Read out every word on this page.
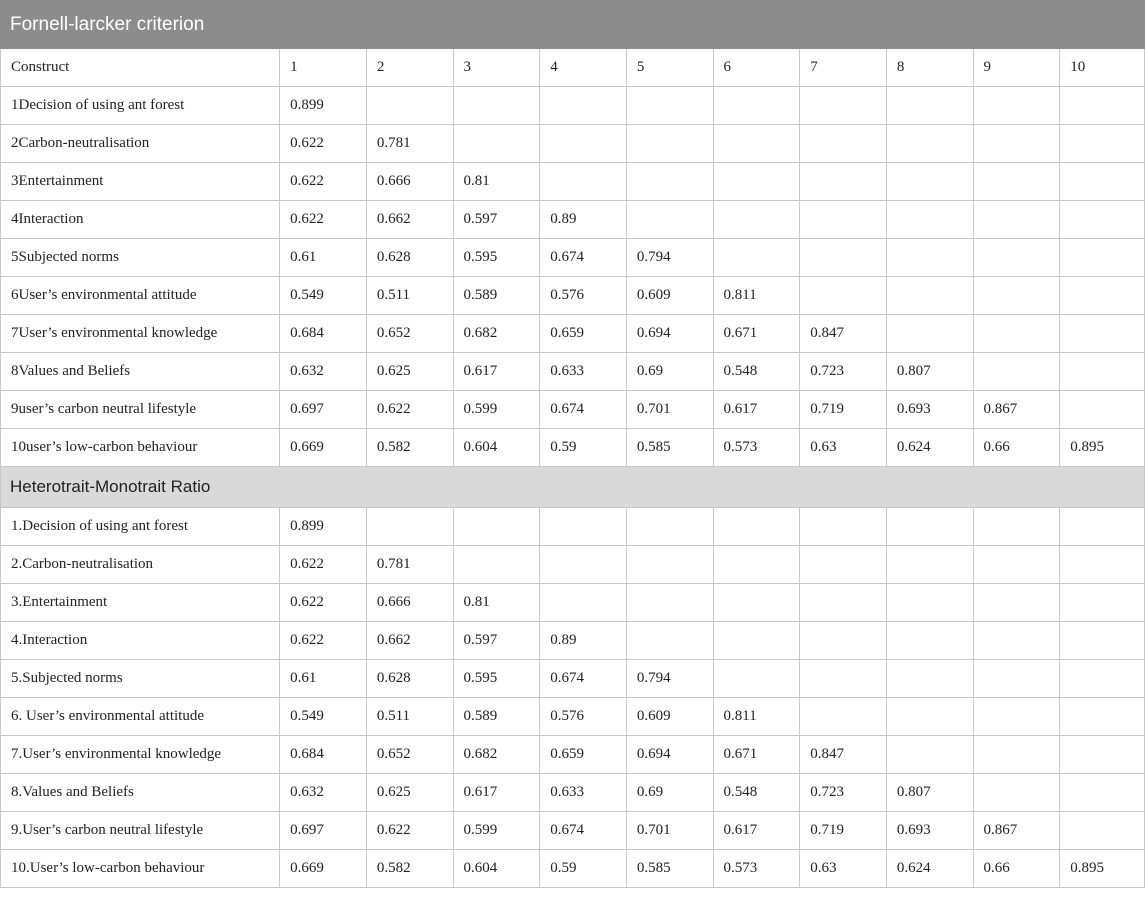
Fornell-larcker criterion										
Construct	1	2	3	4	5	6	7	8	9	10
1Decision of using ant forest	0.899									
2Carbon-neutralisation	0.622	0.781								
3Entertainment	0.622	0.666	0.81							
4Interaction	0.622	0.662	0.597	0.89						
5Subjected norms	0.61	0.628	0.595	0.674	0.794					
6User’s environmental attitude	0.549	0.511	0.589	0.576	0.609	0.811				
7User’s environmental knowledge	0.684	0.652	0.682	0.659	0.694	0.671	0.847			
8Values and Beliefs	0.632	0.625	0.617	0.633	0.69	0.548	0.723	0.807		
9user’s carbon neutral lifestyle	0.697	0.622	0.599	0.674	0.701	0.617	0.719	0.693	0.867	
10user’s low-carbon behaviour	0.669	0.582	0.604	0.59	0.585	0.573	0.63	0.624	0.66	0.895
Heterotrait-Monotrait Ratio										
1.Decision of using ant forest	0.899									
2.Carbon-neutralisation	0.622	0.781								
3.Entertainment	0.622	0.666	0.81							
4.Interaction	0.622	0.662	0.597	0.89						
5.Subjected norms	0.61	0.628	0.595	0.674	0.794					
6. User’s environmental attitude	0.549	0.511	0.589	0.576	0.609	0.811				
7.User’s environmental knowledge	0.684	0.652	0.682	0.659	0.694	0.671	0.847			
8.Values and Beliefs	0.632	0.625	0.617	0.633	0.69	0.548	0.723	0.807		
9.User’s carbon neutral lifestyle	0.697	0.622	0.599	0.674	0.701	0.617	0.719	0.693	0.867	
10.User’s low-carbon behaviour	0.669	0.582	0.604	0.59	0.585	0.573	0.63	0.624	0.66	0.895
